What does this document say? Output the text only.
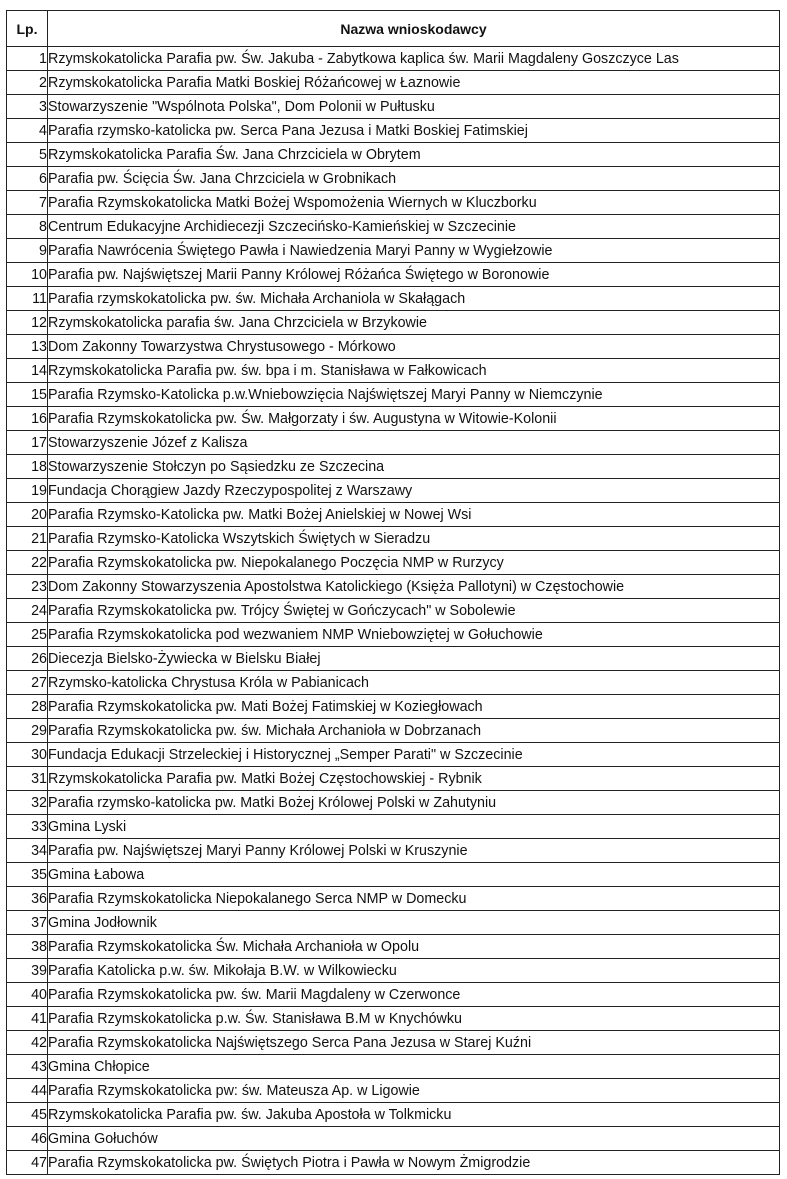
Lp.	Nazwa wnioskodawcy
1	Rzymskokatolicka Parafia pw. Św. Jakuba - Zabytkowa kaplica św. Marii Magdaleny Goszczyce Las
2	Rzymskokatolicka Parafia Matki Boskiej Różańcowej w Łaznowie
3	Stowarzyszenie "Wspólnota Polska", Dom Polonii w Pułtusku
4	Parafia rzymsko-katolicka pw. Serca Pana Jezusa i Matki Boskiej Fatimskiej
5	Rzymskokatolicka Parafia Św. Jana Chrzciciela w Obrytem
6	Parafia pw. Ścięcia Św. Jana Chrzciciela w Grobnikach
7	Parafia Rzymskokatolicka Matki Bożej Wspomożenia Wiernych w Kluczborku
8	Centrum Edukacyjne Archidiecezji Szczecińsko-Kamieńskiej w Szczecinie
9	Parafia Nawrócenia Świętego Pawła i Nawiedzenia Maryi Panny w Wygiełzowie
10	Parafia pw. Najświętszej Marii Panny Królowej Różańca Świętego w Boronowie
11	Parafia rzymskokatolicka pw. św. Michała Archaniola w Skałągach
12	Rzymskokatolicka parafia św. Jana Chrzciciela w Brzykowie
13	Dom Zakonny Towarzystwa Chrystusowego - Mórkowo
14	Rzymskokatolicka Parafia pw. św. bpa i m. Stanisława w Fałkowicach
15	Parafia Rzymsko-Katolicka p.w.Wniebowzięcia Najświętszej Maryi Panny w Niemczynie
16	Parafia Rzymskokatolicka pw. Św. Małgorzaty i św. Augustyna w Witowie-Kolonii
17	Stowarzyszenie Józef z Kalisza
18	Stowarzyszenie Stołczyn po Sąsiedzku ze Szczecina
19	Fundacja Chorągiew Jazdy Rzeczypospolitej z Warszawy
20	Parafia Rzymsko-Katolicka pw. Matki Bożej Anielskiej w Nowej Wsi
21	Parafia Rzymsko-Katolicka Wszytskich Świętych w Sieradzu
22	Parafia Rzymskokatolicka pw. Niepokalanego Poczęcia NMP w Rurzycy
23	Dom Zakonny Stowarzyszenia Apostolstwa Katolickiego (Księża Pallotyni) w Częstochowie
24	Parafia Rzymskokatolicka pw. Trójcy Świętej w Gończycach" w Sobolewie
25	Parafia Rzymskokatolicka pod wezwaniem NMP Wniebowziętej w Gołuchowie
26	Diecezja Bielsko-Żywiecka w Bielsku Białej
27	Rzymsko-katolicka Chrystusa Króla w Pabianicach
28	Parafia Rzymskokatolicka pw. Mati Bożej Fatimskiej w Koziegłowach
29	Parafia Rzymskokatolicka pw. św. Michała Archanioła w Dobrzanach
30	Fundacja Edukacji Strzeleckiej i Historycznej „Semper Parati" w Szczecinie
31	Rzymskokatolicka Parafia pw. Matki Bożej Częstochowskiej - Rybnik
32	Parafia rzymsko-katolicka pw. Matki Bożej Królowej Polski w Zahutyniu
33	Gmina Lyski
34	Parafia pw. Najświętszej Maryi Panny Królowej Polski w Kruszynie
35	Gmina Łabowa
36	Parafia Rzymskokatolicka Niepokalanego Serca NMP w Domecku
37	Gmina Jodłownik
38	Parafia Rzymskokatolicka Św. Michała Archanioła w Opolu
39	Parafia Katolicka p.w. św. Mikołaja B.W. w Wilkowiecku
40	Parafia Rzymskokatolicka pw. św. Marii Magdaleny w Czerwonce
41	Parafia Rzymskokatolicka p.w. Św. Stanisława B.M w Knychówku
42	Parafia Rzymskokatolicka Najświętszego Serca Pana Jezusa w Starej Kuźni
43	Gmina Chłopice
44	Parafia Rzymskokatolicka pw: św. Mateusza Ap. w Ligowie
45	Rzymskokatolicka Parafia pw. św. Jakuba Apostoła w Tolkmicku
46	Gmina Gołuchów
47	Parafia Rzymskokatolicka pw. Świętych Piotra i Pawła w Nowym Żmigrodzie
